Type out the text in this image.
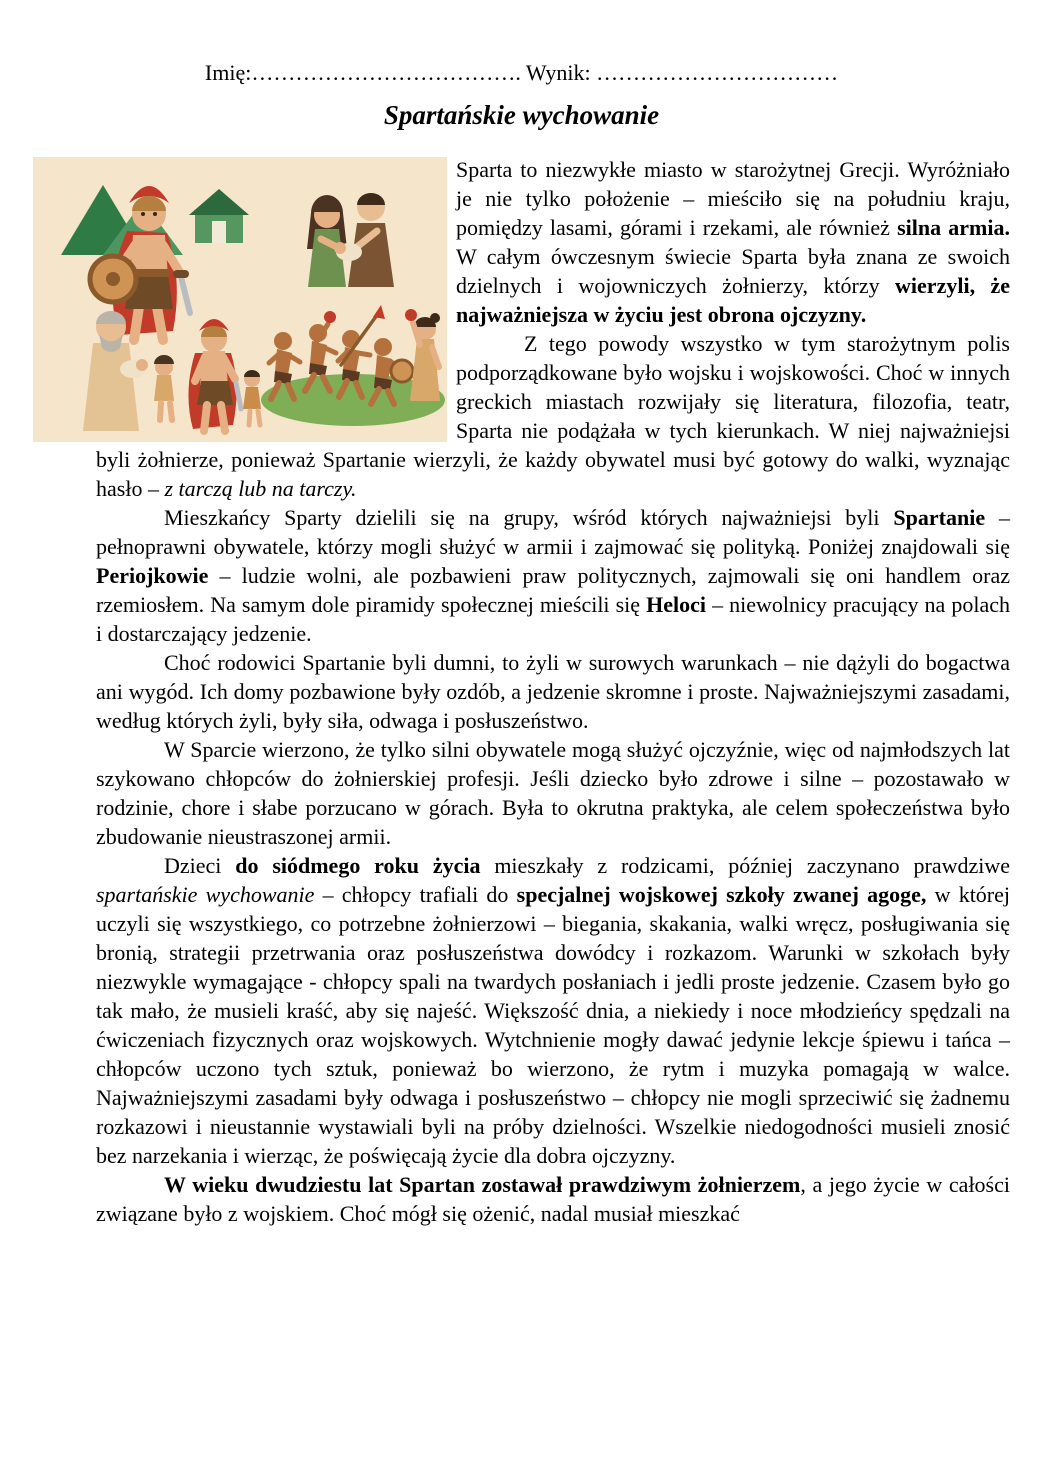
Imię:………………………………. Wynik: ……………………………
Spartańskie wychowanie

Sparta to niezwykłe miasto w starożytnej Grecji. Wyróżniało je nie tylko położenie – mieściło się na południu kraju, pomiędzy lasami, górami i rzekami, ale również silna armia. W całym ówczesnym świecie Sparta była znana ze swoich dzielnych i wojowniczych żołnierzy, którzy wierzyli, że najważniejsza w życiu jest obrona ojczyzny.

Z tego powody wszystko w tym starożytnym polis podporządkowane było wojsku i wojskowości. Choć w innych greckich miastach rozwijały się literatura, filozofia, teatr, Sparta nie podążała w tych kierunkach. W niej najważniejsi byli żołnierze, ponieważ Spartanie wierzyli, że każdy obywatel musi być gotowy do walki, wyznając hasło – z tarczą lub na tarczy.

Mieszkańcy Sparty dzielili się na grupy, wśród których najważniejsi byli Spartanie – pełnoprawni obywatele, którzy mogli służyć w armii i zajmować się polityką. Poniżej znajdowali się Periojkowie – ludzie wolni, ale pozbawieni praw politycznych, zajmowali się oni handlem oraz rzemiosłem. Na samym dole piramidy społecznej mieścili się Heloci – niewolnicy pracujący na polach i dostarczający jedzenie.

Choć rodowici Spartanie byli dumni, to żyli w surowych warunkach – nie dążyli do bogactwa ani wygód. Ich domy pozbawione były ozdób, a jedzenie skromne i proste. Najważniejszymi zasadami, według których żyli, były siła, odwaga i posłuszeństwo.

W Sparcie wierzono, że tylko silni obywatele mogą służyć ojczyźnie, więc od najmłodszych lat szykowano chłopców do żołnierskiej profesji. Jeśli dziecko było zdrowe i silne – pozostawało w rodzinie, chore i słabe porzucano w górach. Była to okrutna praktyka, ale celem społeczeństwa było zbudowanie nieustraszonej armii.

Dzieci do siódmego roku życia mieszkały z rodzicami, później zaczynano prawdziwe spartańskie wychowanie – chłopcy trafiali do specjalnej wojskowej szkoły zwanej agoge, w której uczyli się wszystkiego, co potrzebne żołnierzowi – biegania, skakania, walki wręcz, posługiwania się bronią, strategii przetrwania oraz posłuszeństwa dowódcy i rozkazom. Warunki w szkołach były niezwykle wymagające - chłopcy spali na twardych posłaniach i jedli proste jedzenie. Czasem było go tak mało, że musieli kraść, aby się najeść. Większość dnia, a niekiedy i noce młodzieńcy spędzali na ćwiczeniach fizycznych oraz wojskowych. Wytchnienie mogły dawać jedynie lekcje śpiewu i tańca – chłopców uczono tych sztuk, ponieważ bo wierzono, że rytm i muzyka pomagają w walce. Najważniejszymi zasadami były odwaga i posłuszeństwo – chłopcy nie mogli sprzeciwić się żadnemu rozkazowi i nieustannie wystawiali byli na próby dzielności. Wszelkie niedogodności musieli znosić bez narzekania i wierząc, że poświęcają życie dla dobra ojczyzny.

W wieku dwudziestu lat Spartan zostawał prawdziwym żołnierzem, a jego życie w całości związane było z wojskiem. Choć mógł się ożenić, nadal musiał mieszkać
